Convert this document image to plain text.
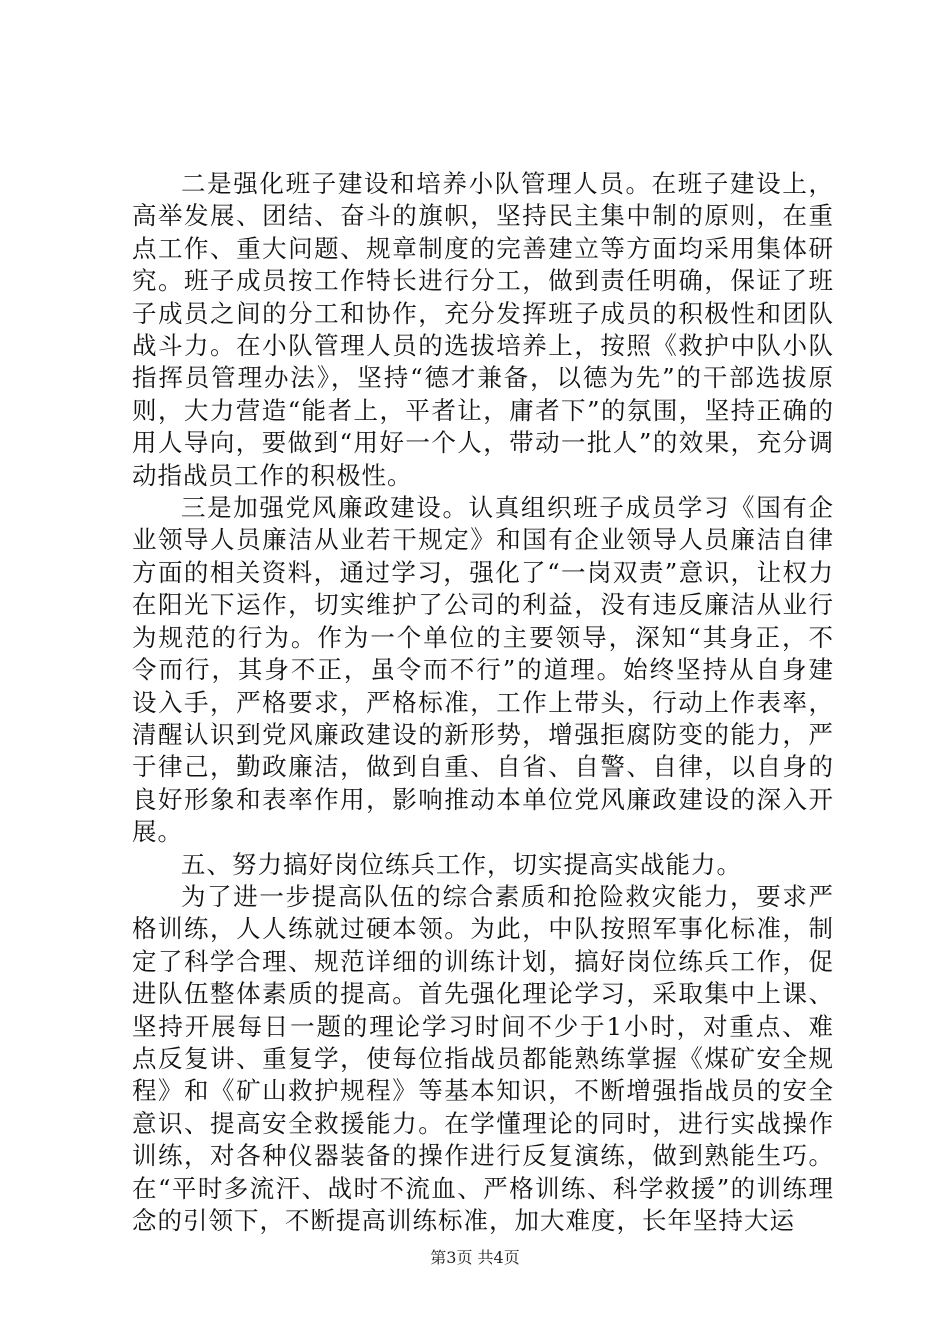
二是强化班子建设和培养小队管理人员。在班子建设上，高举发展、团结、奋斗的旗帜，坚持民主集中制的原则，在重点工作、重大问题、规章制度的完善建立等方面均采用集体研究。班子成员按工作特长进行分工，做到责任明确，保证了班子成员之间的分工和协作，充分发挥班子成员的积极性和团队战斗力。在小队管理人员的选拔培养上，按照《救护中队小队指挥员管理办法》，坚持“德才兼备，以德为先”的干部选拔原则，大力营造“能者上，平者让，庸者下”的氛围，坚持正确的用人导向，要做到“用好一个人，带动一批人”的效果，充分调动指战员工作的积极性。

三是加强党风廉政建设。认真组织班子成员学习《国有企业领导人员廉洁从业若干规定》和国有企业领导人员廉洁自律方面的相关资料，通过学习，强化了“一岗双责”意识，让权力在阳光下运作，切实维护了公司的利益，没有违反廉洁从业行为规范的行为。作为一个单位的主要领导，深知“其身正，不令而行，其身不正，虽令而不行”的道理。始终坚持从自身建设入手，严格要求，严格标准，工作上带头，行动上作表率，清醒认识到党风廉政建设的新形势，增强拒腐防变的能力，严于律己，勤政廉洁，做到自重、自省、自警、自律，以自身的良好形象和表率作用，影响推动本单位党风廉政建设的深入开展。

五、努力搞好岗位练兵工作，切实提高实战能力。

为了进一步提高队伍的综合素质和抢险救灾能力，要求严格训练，人人练就过硬本领。为此，中队按照军事化标准，制定了科学合理、规范详细的训练计划，搞好岗位练兵工作，促进队伍整体素质的提高。首先强化理论学习，采取集中上课、坚持开展每日一题的理论学习时间不少于1小时，对重点、难点反复讲、重复学，使每位指战员都能熟练掌握《煤矿安全规程》和《矿山救护规程》等基本知识，不断增强指战员的安全意识、提高安全救援能力。在学懂理论的同时，进行实战操作训练，对各种仪器装备的操作进行反复演练，做到熟能生巧。在“平时多流汗、战时不流血、严格训练、科学救援”的训练理念的引领下，不断提高训练标准，加大难度，长年坚持大运

第3页 共4页
